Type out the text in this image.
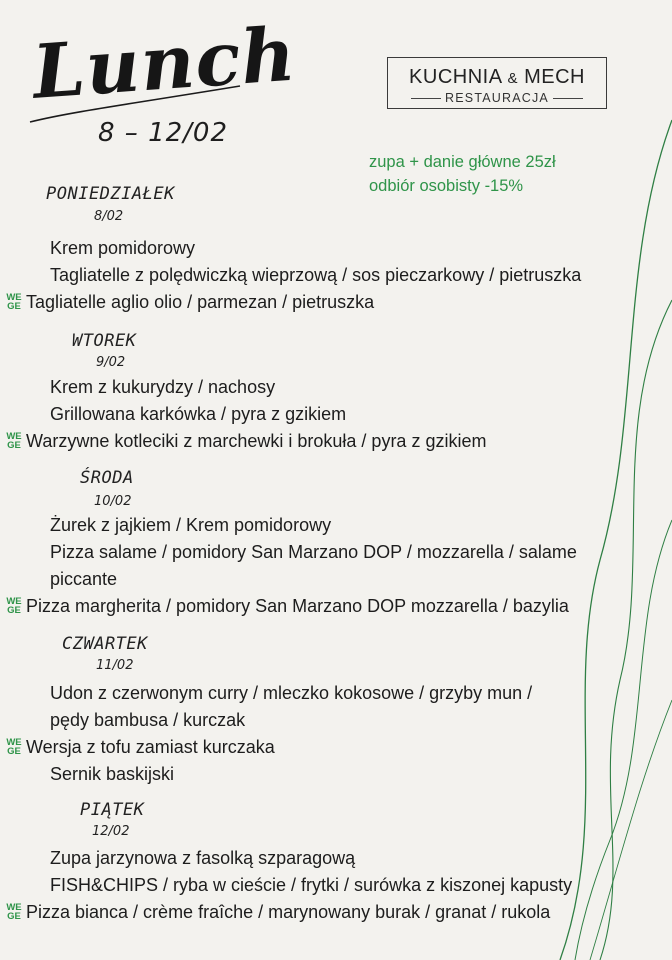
Lunch
8 – 12/02
KUCHNIA & MECH
RESTAURACJA
zupa + danie główne 25zł
odbiór osobisty -15%
PONIEDZIAŁEK
8/02
Krem pomidorowy
Tagliatelle z polędwiczką wieprzową / sos pieczarkowy / pietruszka
WE
GE Tagliatelle aglio olio / parmezan / pietruszka
WTOREK
9/02
Krem z kukurydzy / nachosy
Grillowana karkówka / pyra z gzikiem
WE
GE Warzywne kotleciki z marchewki i brokuła / pyra z gzikiem
ŚRODA
10/02
Żurek z jajkiem / Krem pomidorowy
Pizza salame / pomidory San Marzano DOP / mozzarella / salame
piccante
WE
GE Pizza margherita / pomidory San Marzano DOP mozzarella / bazylia
CZWARTEK
11/02
Udon z czerwonym curry / mleczko kokosowe / grzyby mun /
pędy bambusa / kurczak
WE
GE Wersja z tofu zamiast kurczaka
Sernik baskijski
PIĄTEK
12/02
Zupa jarzynowa z fasolką szparagową
FISH&CHIPS / ryba w cieście / frytki / surówka z kiszonej kapusty
WE
GE Pizza bianca / crème fraîche / marynowany burak / granat / rukola
